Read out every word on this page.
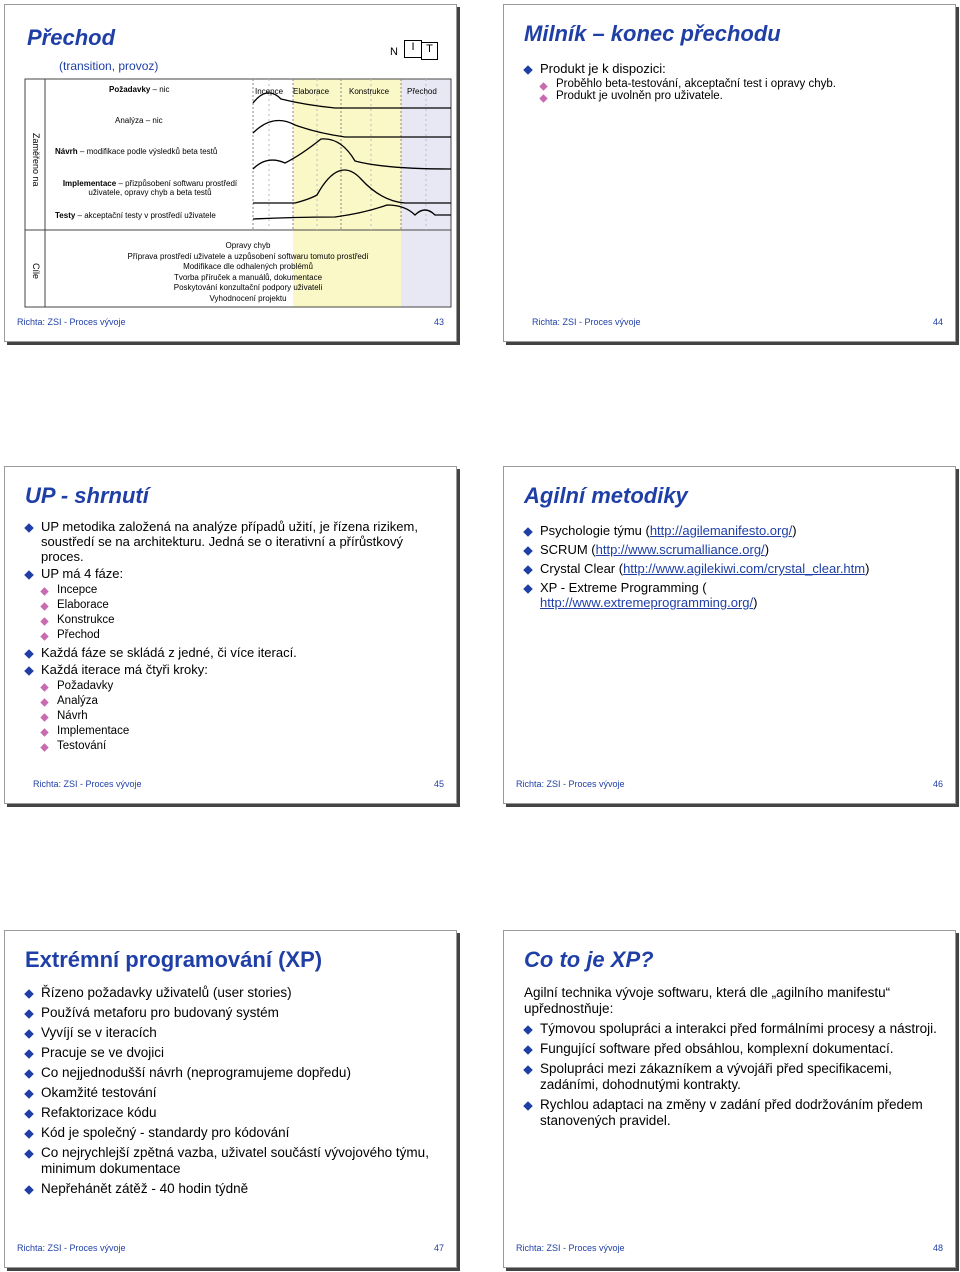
Přechod
(transition, provoz)
N	I	T
Incepce Elaborace Konstrukce Přechod
Zaměřeno na
Cíle
Požadavky – nic
Analýza – nic
Návrh – modifikace podle výsledků beta testů
Implementace – přizpůsobení softwaru prostředí uživatele, opravy chyb a beta testů
Testy – akceptační testy v prostředí uživatele
Opravy chyb
Příprava prostředí uživatele a uzpůsobení softwaru tomuto prostředí
Modifikace dle odhalených problémů
Tvorba příruček a manuálů, dokumentace
Poskytování konzultační podpory uživateli
Vyhodnocení projektu
Richta: ZSI - Proces vývoje	43
Milník – konec přechodu
Produkt je k dispozici:
Proběhlo beta-testování, akceptační test i opravy chyb.
Produkt je uvolněn pro uživatele.
Richta: ZSI - Proces vývoje	44
UP - shrnutí
UP metodika založená na analýze případů užití, je řízena rizikem, soustředí se na architekturu. Jedná se o iterativní a přírůstkový proces.
UP má 4 fáze:
Incepce
Elaborace
Konstrukce
Přechod
Každá fáze se skládá z jedné, či více iterací.
Každá iterace má čtyři kroky:
Požadavky
Analýza
Návrh
Implementace
Testování
Richta: ZSI - Proces vývoje	45
Agilní metodiky
Psychologie týmu (http://agilemanifesto.org/)
SCRUM (http://www.scrumalliance.org/)
Crystal Clear (http://www.agilekiwi.com/crystal_clear.htm)
XP - Extreme Programming (
http://www.extremeprogramming.org/)
Richta: ZSI - Proces vývoje	46
Extrémní programování (XP)
Řízeno požadavky uživatelů (user stories)
Používá metaforu pro budovaný systém
Vyvíjí se v iteracích
Pracuje se ve dvojici
Co nejjednodušší návrh (neprogramujeme dopředu)
Okamžité testování
Refaktorizace kódu
Kód je společný - standardy pro kódování
Co nejrychlejší zpětná vazba, uživatel součástí vývojového týmu, minimum dokumentace
Nepřehánět zátěž - 40 hodin týdně
Richta: ZSI - Proces vývoje	47
Co to je XP?
Agilní technika vývoje softwaru, která dle „agilního manifestu“ upřednostňuje:
Týmovou spolupráci a interakci před formálními procesy a nástroji.
Fungující software před obsáhlou, komplexní dokumentací.
Spolupráci mezi zákazníkem a vývojáři před specifikacemi, zadáními, dohodnutými kontrakty.
Rychlou adaptaci na změny v zadání před dodržováním předem stanovených pravidel.
Richta: ZSI - Proces vývoje	48
